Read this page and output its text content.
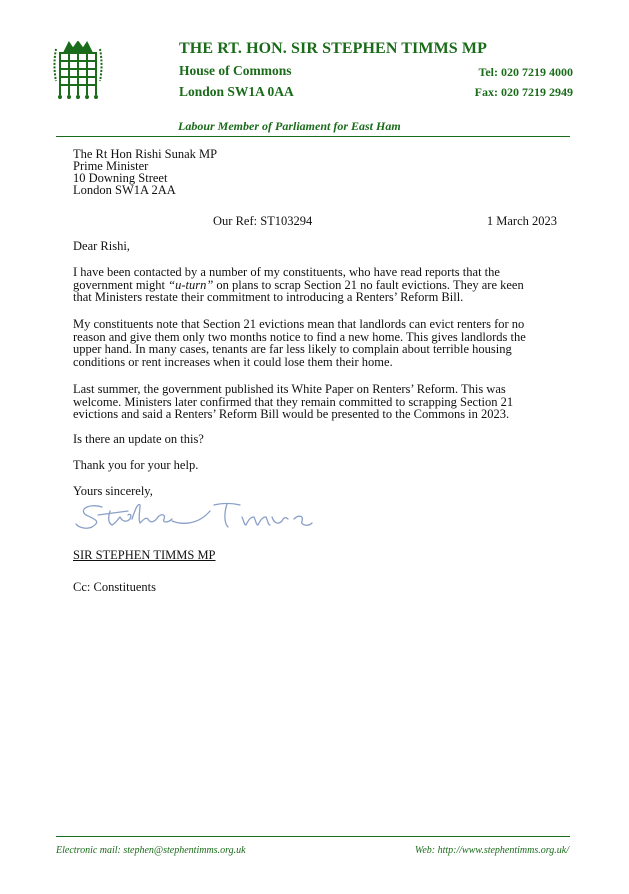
THE RT. HON. SIR STEPHEN TIMMS MP
House of Commons
London SW1A 0AA
Tel: 020 7219 4000
Fax: 020 7219 2949
Labour Member of Parliament for East Ham
The Rt Hon Rishi Sunak MP
Prime Minister
10 Downing Street
London SW1A 2AA
Our Ref: ST103294	1 March 2023
Dear Rishi,
I have been contacted by a number of my constituents, who have read reports that the government might “u-turn” on plans to scrap Section 21 no fault evictions. They are keen that Ministers restate their commitment to introducing a Renters’ Reform Bill.
My constituents note that Section 21 evictions mean that landlords can evict renters for no reason and give them only two months notice to find a new home. This gives landlords the upper hand. In many cases, tenants are far less likely to complain about terrible housing conditions or rent increases when it could lose them their home.
Last summer, the government published its White Paper on Renters’ Reform. This was welcome. Ministers later confirmed that they remain committed to scrapping Section 21 evictions and said a Renters’ Reform Bill would be presented to the Commons in 2023.
Is there an update on this?
Thank you for your help.
Yours sincerely,
SIR STEPHEN TIMMS MP
Cc: Constituents
Electronic mail: stephen@stephentimms.org.uk	Web: http://www.stephentimms.org.uk/
